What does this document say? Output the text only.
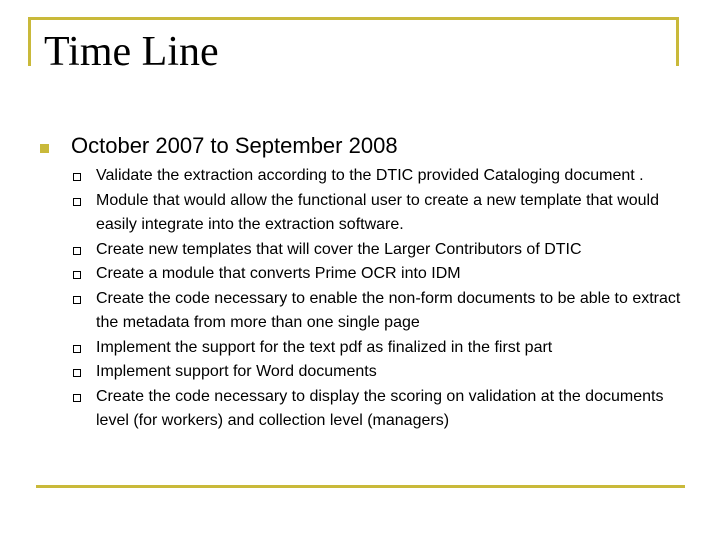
Time Line
October 2007 to September 2008
Validate the extraction according to the DTIC provided Cataloging document .
Module that would allow the functional user to create a new template that would easily integrate into the extraction software.
Create new templates that will cover the Larger Contributors of DTIC
Create a module that converts Prime OCR into IDM
Create the code necessary to enable the non-form documents to be able to extract the metadata from more than one single page
Implement the support for the text pdf as finalized in the first part
Implement support for Word documents
Create the code necessary to display the scoring on validation at the documents level (for workers) and collection level (managers)
